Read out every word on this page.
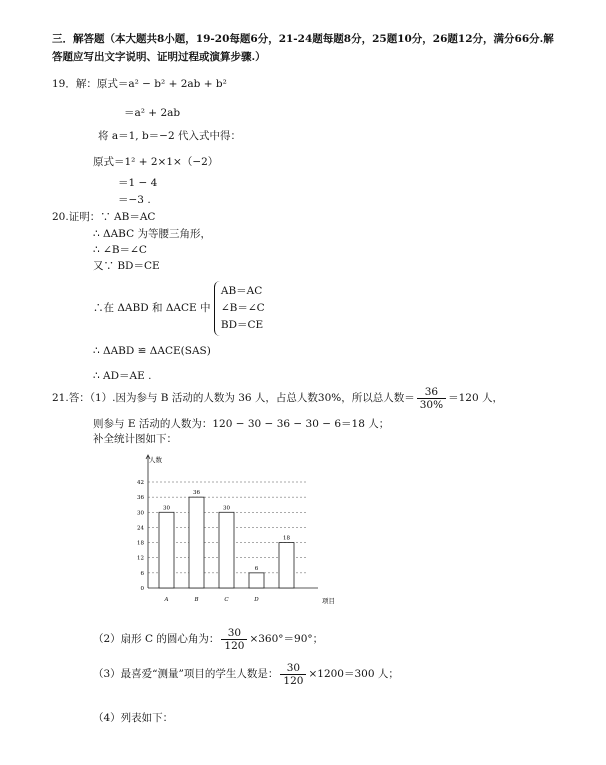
三．解答题（本大题共8小题，19-20每题6分，21-24题每题8分，25题10分，26题12分，满分66分.解
答题应写出文字说明、证明过程或演算步骤.）
19．解：原式＝a² − b² + 2ab + b²
＝a² + 2ab
将 a＝1, b＝−2 代入式中得：
原式＝1² + 2×1×（−2）
＝1 − 4
＝−3 .
20.证明：∵ AB＝AC
∴ ΔABC 为等腰三角形，
∴ ∠B＝∠C
又∵ BD＝CE
∴在 ΔABD 和 ΔACE 中
AB＝AC
∠B＝∠C
BD＝CE
∴ ΔABD ≌ ΔACE(SAS)
∴ AD＝AE .
21.答：（1）.因为参与 B 活动的人数为 36 人，占总人数30%，所以总人数＝ $\frac{36}{30\%} =120$ 人，
则参与 E 活动的人数为：120 − 30 − 36 − 30 − 6＝18 人；
补全统计图如下：
人数
项目
0
6
12
18
24
30
36
42
30
A
36
B
30
C
6
D
18
（2）扇形 C 的圆心角为： $\frac{30}{120} \times 360^\circ=90^\circ$；
（3）最喜爱“测量”项目的学生人数是： $\frac{30}{120} \times 1200=300$ 人；
（4）列表如下：
